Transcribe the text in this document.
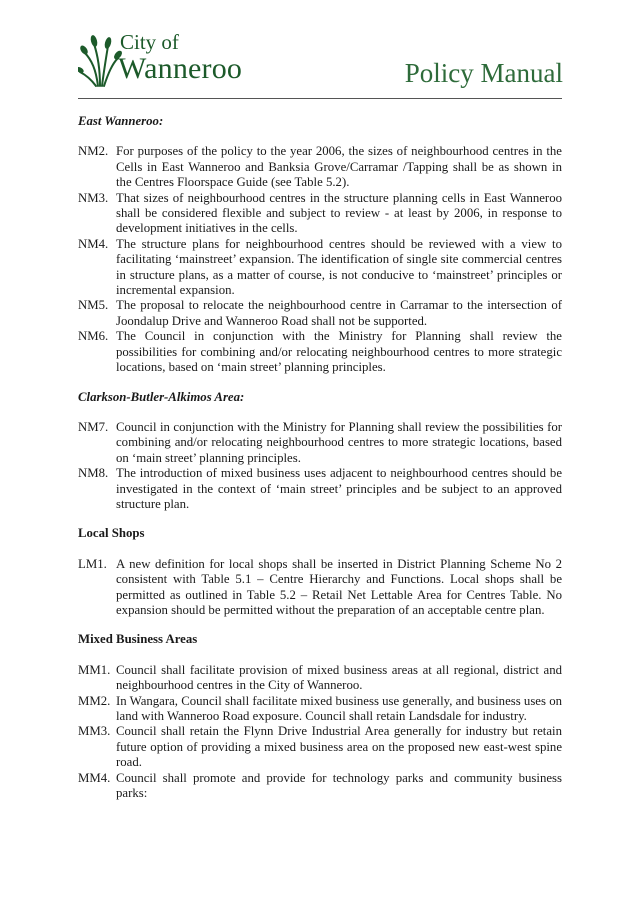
City of
Wanneroo	Policy Manual

East Wanneroo:

NM2. For purposes of the policy to the year 2006, the sizes of neighbourhood centres in the Cells in East Wanneroo and Banksia Grove/Carramar /Tapping shall be as shown in the Centres Floorspace Guide (see Table 5.2).

NM3. That sizes of neighbourhood centres in the structure planning cells in East Wanneroo shall be considered flexible and subject to review - at least by 2006, in response to development initiatives in the cells.

NM4. The structure plans for neighbourhood centres should be reviewed with a view to facilitating ‘mainstreet’ expansion. The identification of single site commercial centres in structure plans, as a matter of course, is not conducive to ‘mainstreet’ principles or incremental expansion.

NM5. The proposal to relocate the neighbourhood centre in Carramar to the intersection of Joondalup Drive and Wanneroo Road shall not be supported.

NM6. The Council in conjunction with the Ministry for Planning shall review the possibilities for combining and/or relocating neighbourhood centres to more strategic locations, based on ‘main street’ planning principles.

Clarkson-Butler-Alkimos Area:

NM7. Council in conjunction with the Ministry for Planning shall review the possibilities for combining and/or relocating neighbourhood centres to more strategic locations, based on ‘main street’ planning principles.

NM8. The introduction of mixed business uses adjacent to neighbourhood centres should be investigated in the context of ‘main street’ principles and be subject to an approved structure plan.

Local Shops

LM1. A new definition for local shops shall be inserted in District Planning Scheme No 2 consistent with Table 5.1 – Centre Hierarchy and Functions. Local shops shall be permitted as outlined in Table 5.2 – Retail Net Lettable Area for Centres Table. No expansion should be permitted without the preparation of an acceptable centre plan.

Mixed Business Areas

MM1. Council shall facilitate provision of mixed business areas at all regional, district and neighbourhood centres in the City of Wanneroo.

MM2. In Wangara, Council shall facilitate mixed business use generally, and business uses on land with Wanneroo Road exposure. Council shall retain Landsdale for industry.

MM3. Council shall retain the Flynn Drive Industrial Area generally for industry but retain future option of providing a mixed business area on the proposed new east-west spine road.

MM4. Council shall promote and provide for technology parks and community business parks:
